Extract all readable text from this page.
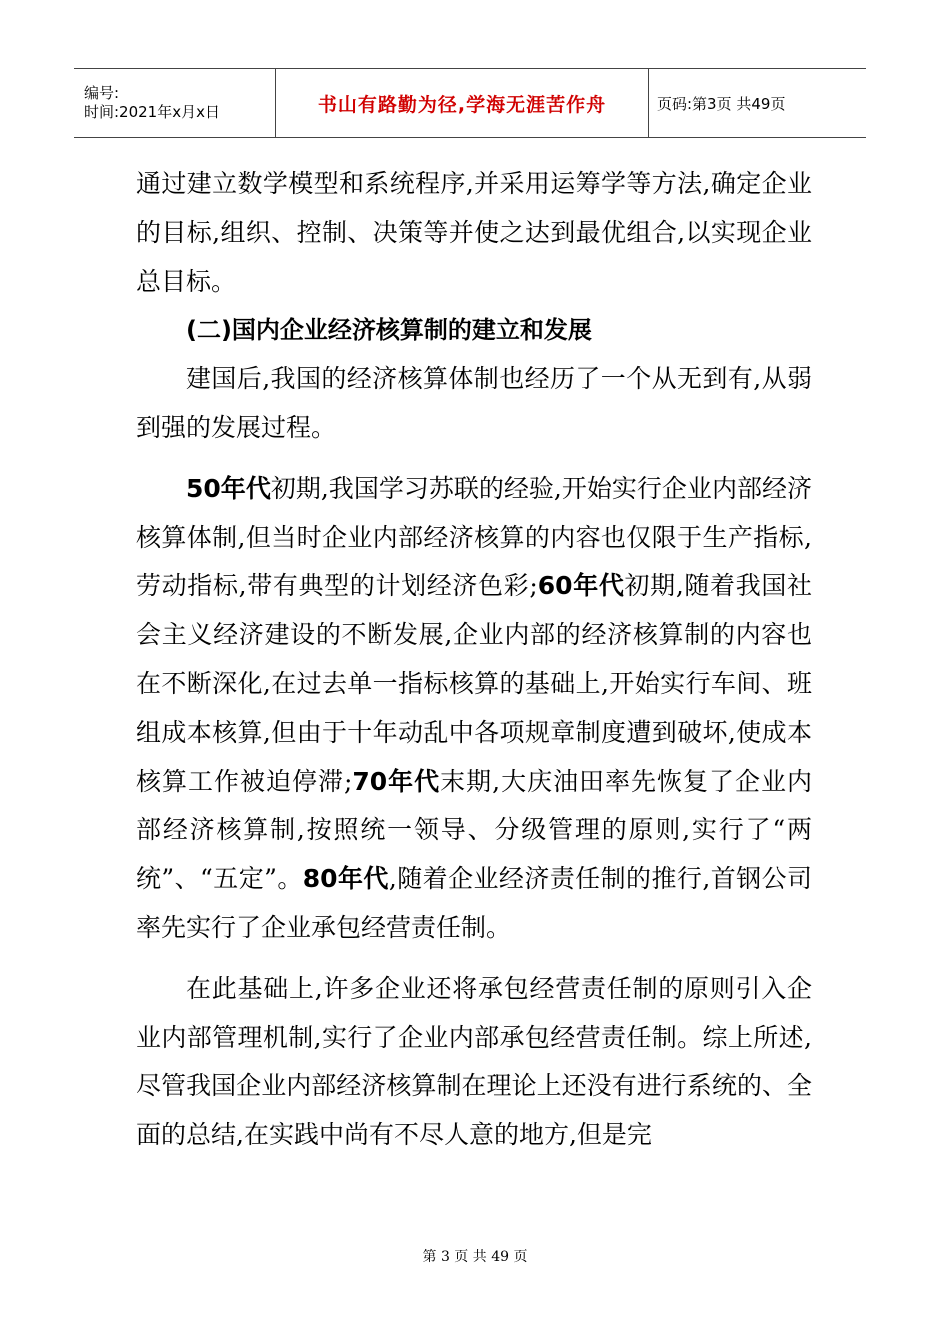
编号:
时间:2021年x月x日	书山有路勤为径,学海无涯苦作舟	页码:第3页 共49页

通过建立数学模型和系统程序,并采用运筹学等方法,确定企业的目标,组织、控制、决策等并使之达到最优组合,以实现企业总目标。

(二)国内企业经济核算制的建立和发展

建国后,我国的经济核算体制也经历了一个从无到有,从弱到强的发展过程。

50年代初期,我国学习苏联的经验,开始实行企业内部经济核算体制,但当时企业内部经济核算的内容也仅限于生产指标,劳动指标,带有典型的计划经济色彩;60年代初期,随着我国社会主义经济建设的不断发展,企业内部的经济核算制的内容也在不断深化,在过去单一指标核算的基础上,开始实行车间、班组成本核算,但由于十年动乱中各项规章制度遭到破坏,使成本核算工作被迫停滞;70年代末期,大庆油田率先恢复了企业内部经济核算制,按照统一领导、分级管理的原则,实行了“两统”、“五定”。80年代,随着企业经济责任制的推行,首钢公司率先实行了企业承包经营责任制。

在此基础上,许多企业还将承包经营责任制的原则引入企业内部管理机制,实行了企业内部承包经营责任制。综上所述,尽管我国企业内部经济核算制在理论上还没有进行系统的、全面的总结,在实践中尚有不尽人意的地方,但是完

第 3 页 共 49 页
